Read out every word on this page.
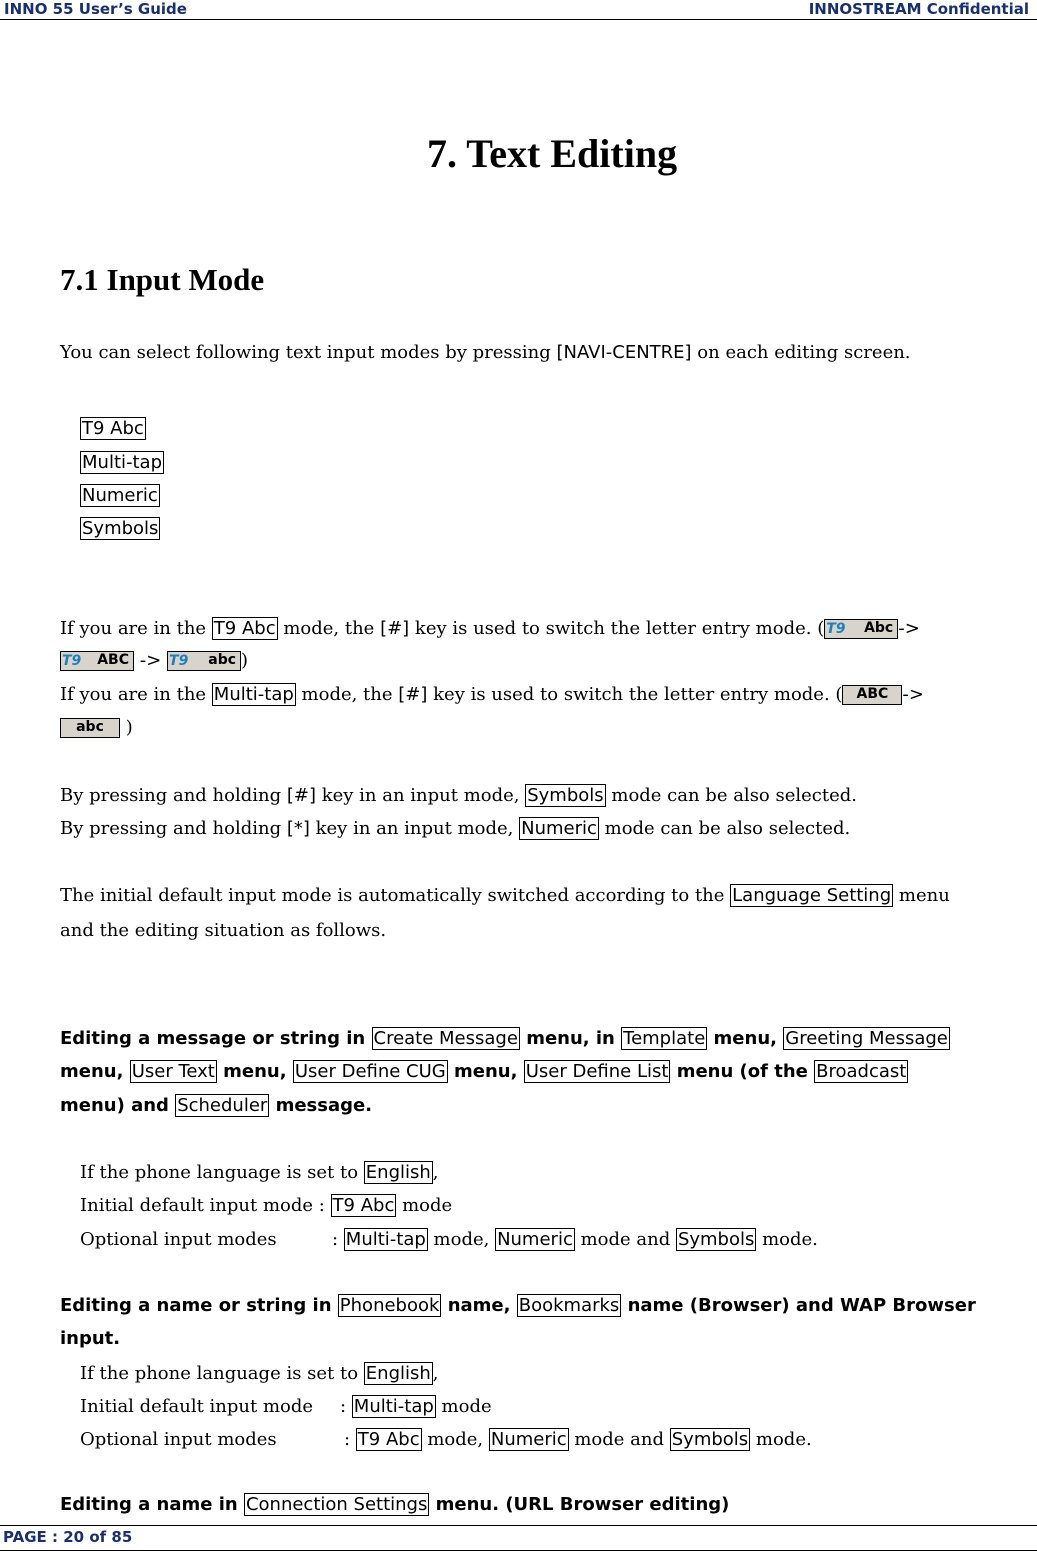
INNO 55 User’s Guide	INNOSTREAM Confidential
7. Text Editing
7.1 Input Mode
You can select following text input modes by pressing [NAVI-CENTRE] on each editing screen.
T9 Abc
Multi-tap
Numeric
Symbols
If you are in the T9 Abc mode, the [#] key is used to switch the letter entry mode. ( T9 Abc ->
T9 ABC -> T9 abc )
If you are in the Multi-tap mode, the [#] key is used to switch the letter entry mode. ( ABC ->
abc )
By pressing and holding [#] key in an input mode, Symbols mode can be also selected.
By pressing and holding [*] key in an input mode, Numeric mode can be also selected.
The initial default input mode is automatically switched according to the Language Setting menu
and the editing situation as follows.
Editing a message or string in Create Message menu, in Template menu, Greeting Message
menu, User Text menu, User Define CUG menu, User Define List menu (of the Broadcast
menu) and Scheduler message.
If the phone language is set to English ,
Initial default input mode : T9 Abc mode
Optional input modes	: Multi-tap mode, Numeric mode and Symbols mode.
Editing a name or string in Phonebook name, Bookmarks name (Browser) and WAP Browser
input.
If the phone language is set to English ,
Initial default input mode : Multi-tap mode
Optional input modes	: T9 Abc mode, Numeric mode and Symbols mode.
Editing a name in Connection Settings menu. (URL Browser editing)
PAGE : 20 of 85
